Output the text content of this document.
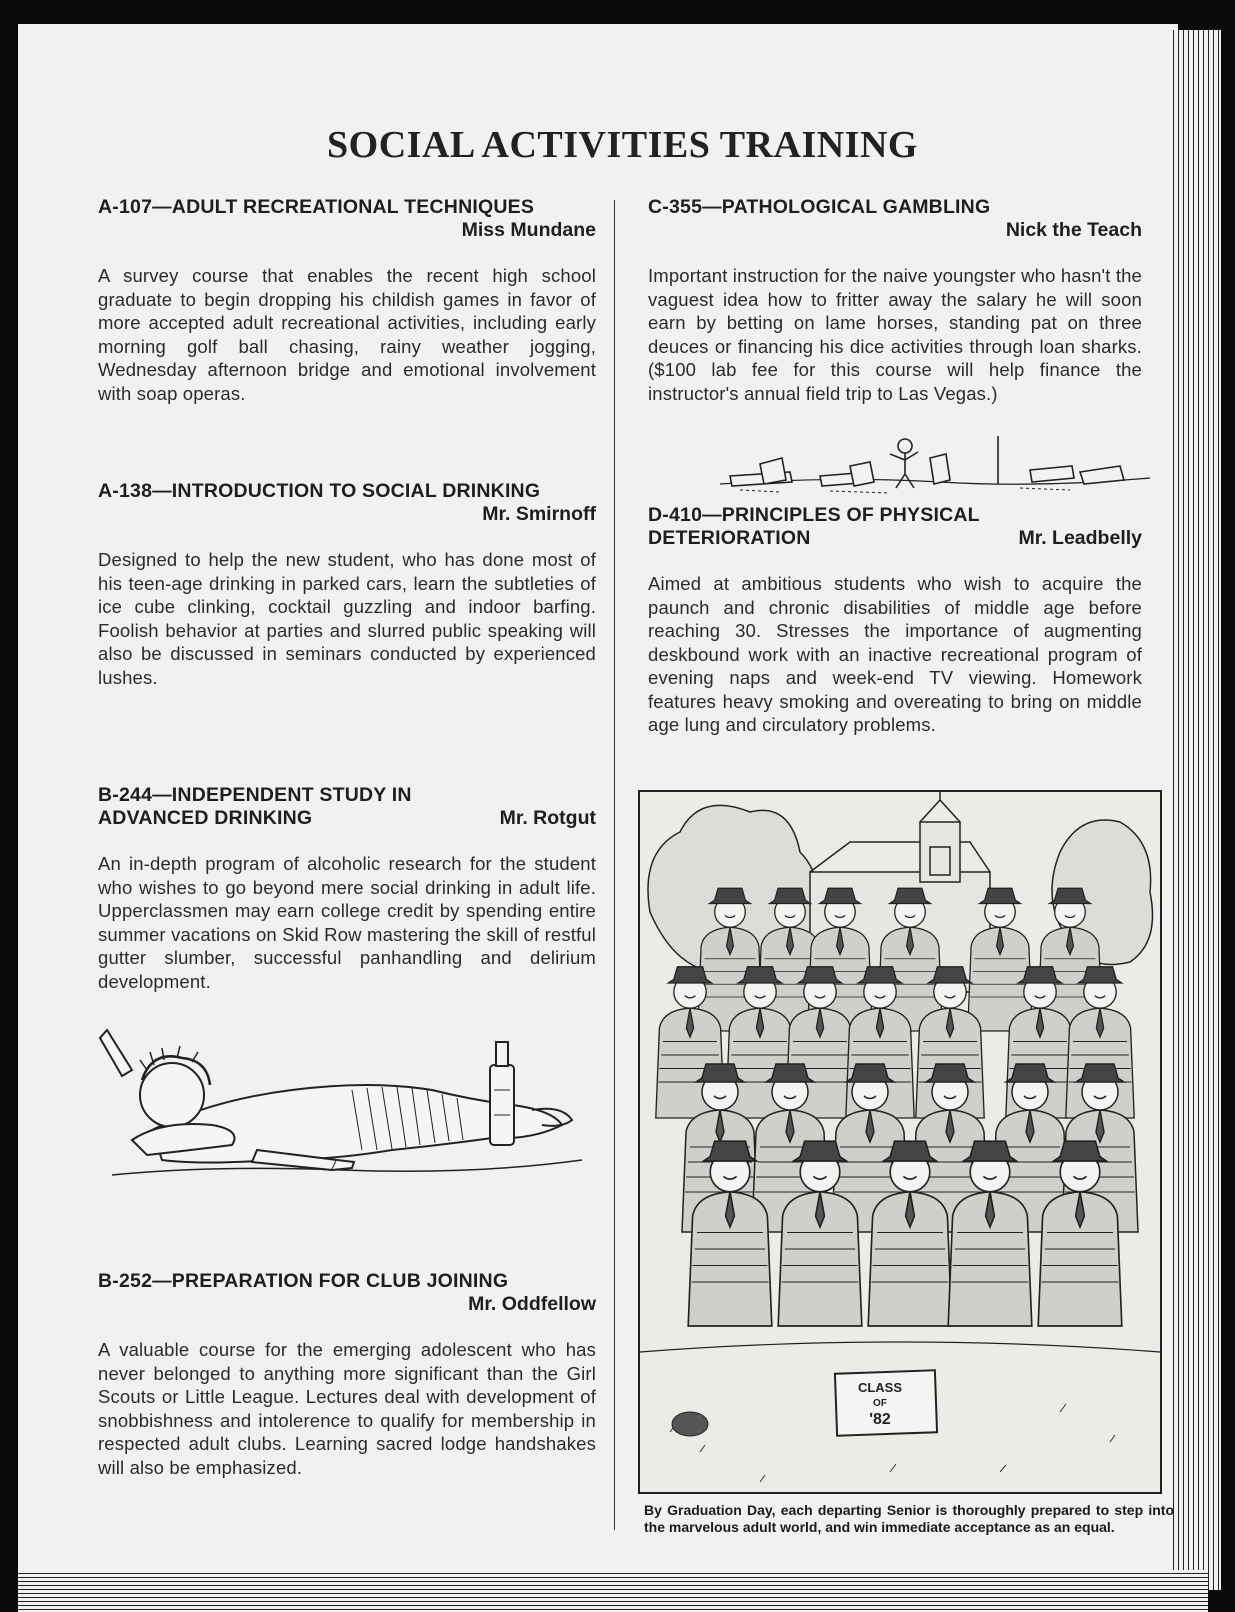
SOCIAL ACTIVITIES TRAINING
A-107—ADULT RECREATIONAL TECHNIQUES
Miss Mundane

A survey course that enables the recent high school graduate to begin dropping his childish games in favor of more accepted adult recreational activities, including early morning golf ball chasing, rainy weather jogging, Wednesday afternoon bridge and emotional involvement with soap operas.

A-138—INTRODUCTION TO SOCIAL DRINKING
Mr. Smirnoff

Designed to help the new student, who has done most of his teen-age drinking in parked cars, learn the subtleties of ice cube clinking, cocktail guzzling and indoor barfing. Foolish behavior at parties and slurred public speaking will also be discussed in seminars conducted by experienced lushes.

B-244—INDEPENDENT STUDY IN ADVANCED DRINKING	Mr. Rotgut

An in-depth program of alcoholic research for the student who wishes to go beyond mere social drinking in adult life. Upperclassmen may earn college credit by spending entire summer vacations on Skid Row mastering the skill of restful gutter slumber, successful panhandling and delirium development.

B-252—PREPARATION FOR CLUB JOINING
Mr. Oddfellow

A valuable course for the emerging adolescent who has never belonged to anything more significant than the Girl Scouts or Little League. Lectures deal with development of snobbishness and intolerence to qualify for membership in respected adult clubs. Learning sacred lodge handshakes will also be emphasized.

C-355—PATHOLOGICAL GAMBLING
Nick the Teach

Important instruction for the naive youngster who hasn't the vaguest idea how to fritter away the salary he will soon earn by betting on lame horses, standing pat on three deuces or financing his dice activities through loan sharks. ($100 lab fee for this course will help finance the instructor's annual field trip to Las Vegas.)

D-410—PRINCIPLES OF PHYSICAL DETERIORATION	Mr. Leadbelly

Aimed at ambitious students who wish to acquire the paunch and chronic disabilities of middle age before reaching 30. Stresses the importance of augmenting deskbound work with an inactive recreational program of evening naps and week-end TV viewing. Homework features heavy smoking and overeating to bring on middle age lung and circulatory problems.

CLASS
OF
'82
By Graduation Day, each departing Senior is thoroughly prepared to step into the marvelous adult world, and win immediate acceptance as an equal.
